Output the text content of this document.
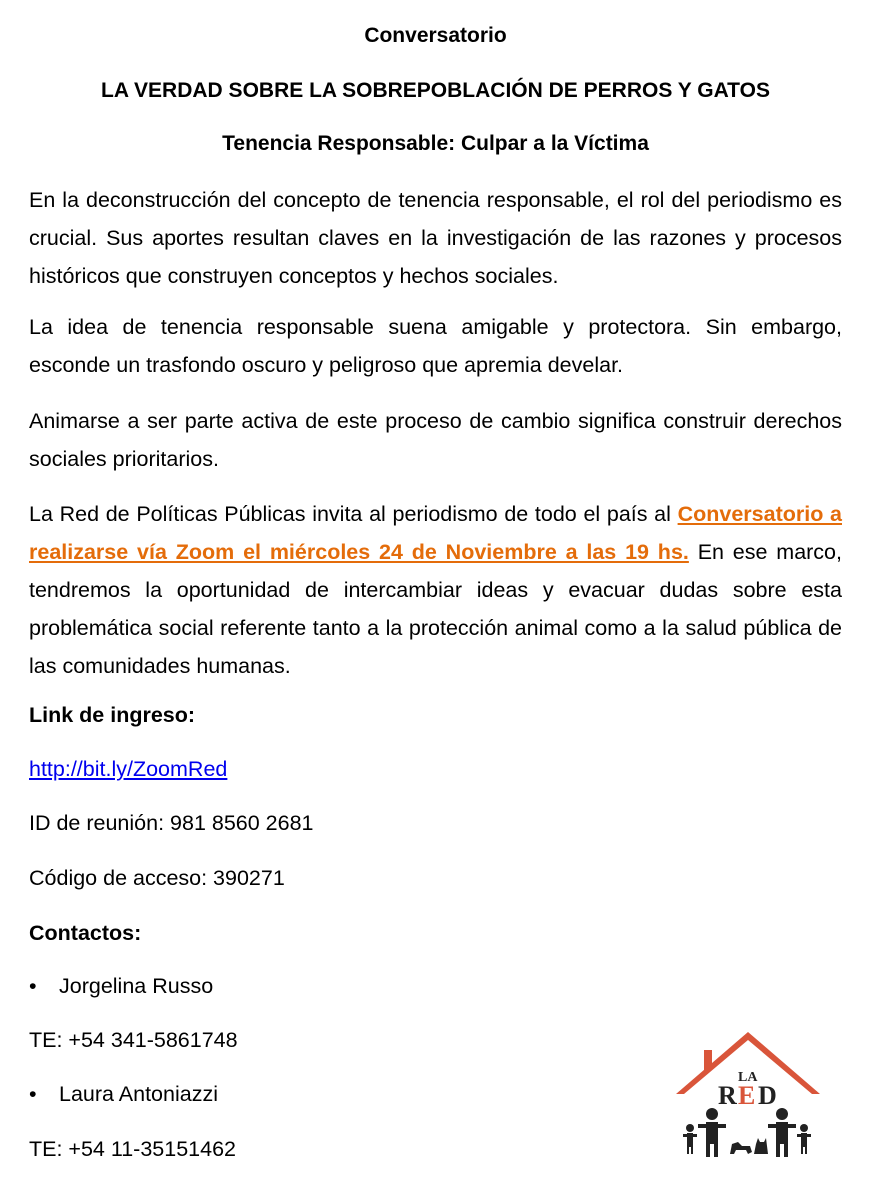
Conversatorio

LA VERDAD SOBRE LA SOBREPOBLACIÓN DE PERROS Y GATOS

Tenencia Responsable: Culpar a la Víctima

En la deconstrucción del concepto de tenencia responsable, el rol del periodismo es crucial. Sus aportes resultan claves en la investigación de las razones y procesos históricos que construyen conceptos y hechos sociales.

La idea de tenencia responsable suena amigable y protectora. Sin embargo, esconde un trasfondo oscuro y peligroso que apremia develar.

Animarse a ser parte activa de este proceso de cambio significa construir derechos sociales prioritarios.

La Red de Políticas Públicas invita al periodismo de todo el país al Conversatorio a realizarse vía Zoom el miércoles 24 de Noviembre a las 19 hs. En ese marco, tendremos la oportunidad de intercambiar ideas y evacuar dudas sobre esta problemática social referente tanto a la protección animal como a la salud pública de las comunidades humanas.

Link de ingreso:

http://bit.ly/ZoomRed

ID de reunión: 981 8560 2681

Código de acceso: 390271

Contactos:

• Jorgelina Russo

TE: +54 341-5861748

• Laura Antoniazzi

TE: +54 11-35151462

LA
R E D
